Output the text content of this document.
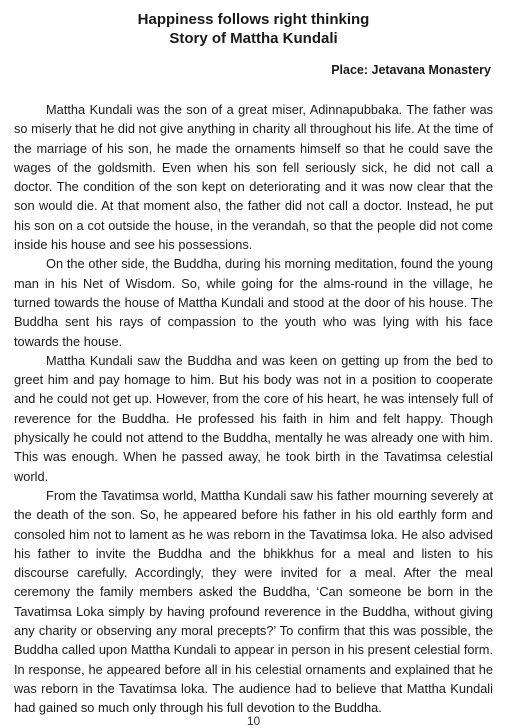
Happiness follows right thinking
Story of Mattha Kundali
Place: Jetavana Monastery

Mattha Kundali was the son of a great miser, Adinnapubbaka. The father was so miserly that he did not give anything in charity all throughout his life. At the time of the marriage of his son, he made the ornaments himself so that he could save the wages of the goldsmith. Even when his son fell seriously sick, he did not call a doctor. The condition of the son kept on deteriorating and it was now clear that the son would die. At that moment also, the father did not call a doctor. Instead, he put his son on a cot outside the house, in the verandah, so that the people did not come inside his house and see his possessions.

On the other side, the Buddha, during his morning meditation, found the young man in his Net of Wisdom. So, while going for the alms-round in the village, he turned towards the house of Mattha Kundali and stood at the door of his house. The Buddha sent his rays of compassion to the youth who was lying with his face towards the house.

Mattha Kundali saw the Buddha and was keen on getting up from the bed to greet him and pay homage to him. But his body was not in a position to cooperate and he could not get up. However, from the core of his heart, he was intensely full of reverence for the Buddha. He professed his faith in him and felt happy. Though physically he could not attend to the Buddha, mentally he was already one with him. This was enough. When he passed away, he took birth in the Tavatimsa celestial world.

From the Tavatimsa world, Mattha Kundali saw his father mourning severely at the death of the son. So, he appeared before his father in his old earthly form and consoled him not to lament as he was reborn in the Tavatimsa loka. He also advised his father to invite the Buddha and the bhikkhus for a meal and listen to his discourse carefully. Accordingly, they were invited for a meal. After the meal ceremony the family members asked the Buddha, ‘Can someone be born in the Tavatimsa Loka simply by having profound reverence in the Buddha, without giving any charity or observing any moral precepts?’ To confirm that this was possible, the Buddha called upon Mattha Kundali to appear in person in his present celestial form. In response, he appeared before all in his celestial ornaments and explained that he was reborn in the Tavatimsa loka. The audience had to believe that Mattha Kundali had gained so much only through his full devotion to the Buddha.

10
